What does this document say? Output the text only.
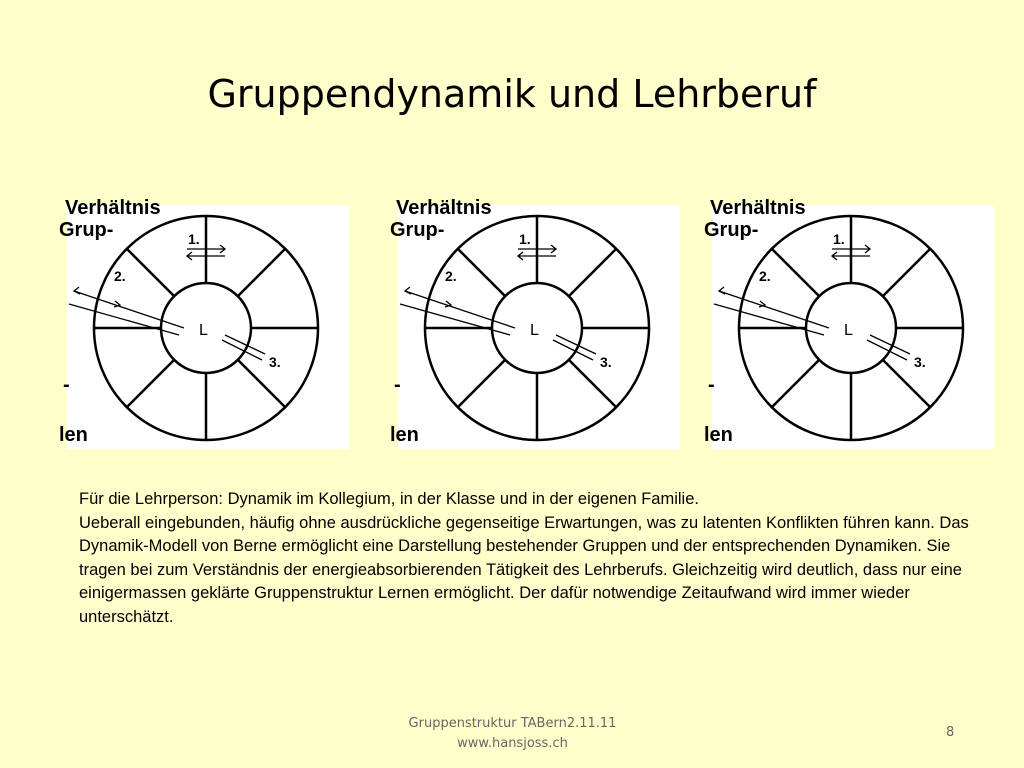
Gruppendynamik und Lehrberuf
Verhältnis
Grup-
-
len
1.
2.
3.
L
Verhältnis
Grup-
-
len
1.
2.
3.
L
Verhältnis
Grup-
-
len
1.
2.
3.
L

Für die Lehrperson: Dynamik im Kollegium, in der Klasse und in der eigenen Familie.

Ueberall eingebunden, häufig ohne ausdrückliche gegenseitige Erwartungen, was zu latenten Konflikten führen kann. Das Dynamik-Modell von Berne ermöglicht eine Darstellung bestehender Gruppen und der entsprechenden Dynamiken. Sie tragen bei zum Verständnis der energieabsorbierenden Tätigkeit des Lehrberufs. Gleichzeitig wird deutlich, dass nur eine einigermassen geklärte Gruppenstruktur Lernen ermöglicht. Der dafür notwendige Zeitaufwand wird immer wieder unterschätzt.

Gruppenstruktur TABern2.11.11
www.hansjoss.ch
8
